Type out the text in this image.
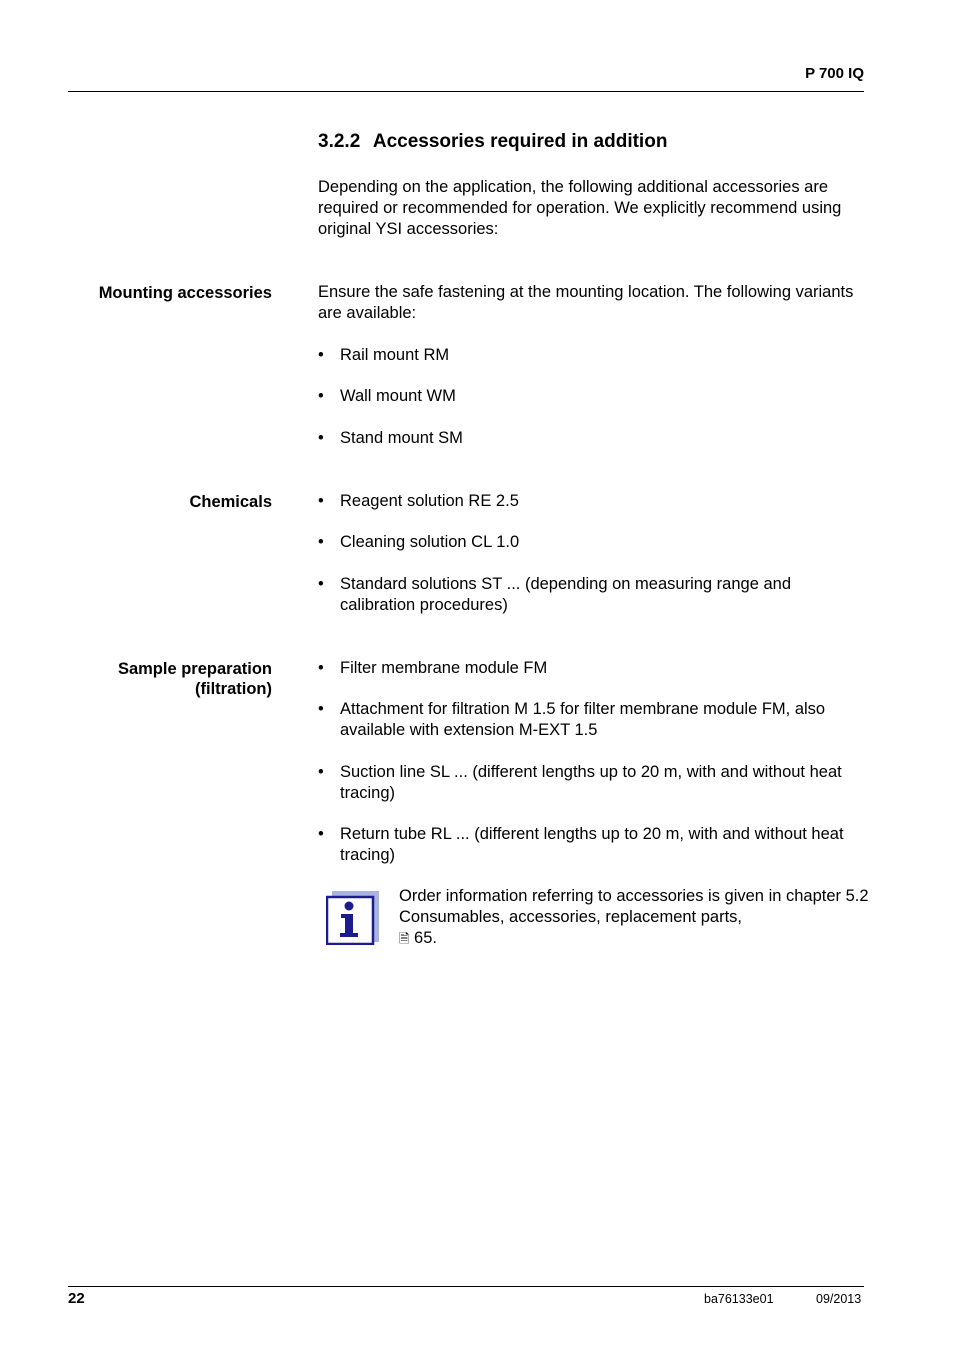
P 700 IQ
3.2.2 Accessories required in addition
Depending on the application, the following additional accessories are required or recommended for operation. We explicitly recommend using original YSI accessories:
Mounting accessories	Ensure the safe fastening at the mounting location. The following variants are available:
• Rail mount RM
• Wall mount WM
• Stand mount SM
Chemicals	• Reagent solution RE 2.5
• Cleaning solution CL 1.0
• Standard solutions ST ... (depending on measuring range and calibration procedures)
Sample preparation
(filtration)
• Filter membrane module FM
• Attachment for filtration M 1.5 for filter membrane module FM, also available with extension M-EXT 1.5
• Suction line SL ... (different lengths up to 20 m, with and without heat tracing)
• Return tube RL ... (different lengths up to 20 m, with and without heat tracing)
Order information referring to accessories is given in chapter 5.2 Consumables, accessories, replacement parts,
🗎 65.
22	ba76133e01	09/2013
